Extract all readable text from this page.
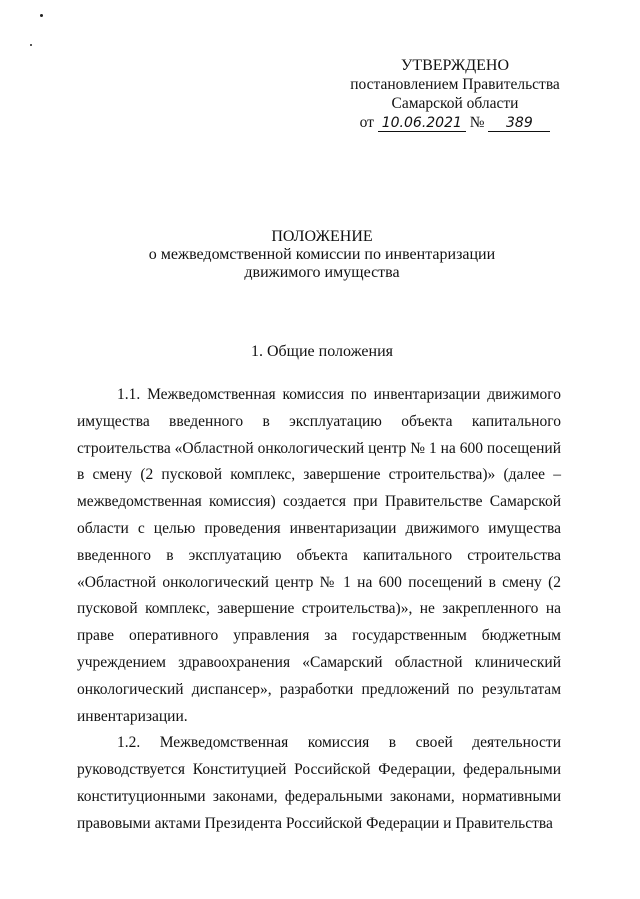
УТВЕРЖДЕНО
постановлением Правительства
Самарской области
от 10.06.2021 № 389
ПОЛОЖЕНИЕ
о межведомственной комиссии по инвентаризации
движимого имущества
1. Общие положения

1.1. Межведомственная комиссия по инвентаризации движимого имущества введенного в эксплуатацию объекта капитального строительства «Областной онкологический центр № 1 на 600 посещений в смену (2 пусковой комплекс, завершение строительства)» (далее – межведомственная комиссия) создается при Правительстве Самарской области с целью проведения инвентаризации движимого имущества введенного в эксплуатацию объекта капитального строительства «Областной онкологический центр № 1 на 600 посещений в смену (2 пусковой комплекс, завершение строительства)», не закрепленного на праве оперативного управления за государственным бюджетным учреждением здравоохранения «Самарский областной клинический онкологический диспансер», разработки предложений по результатам инвентаризации.

1.2. Межведомственная комиссия в своей деятельности руководствуется Конституцией Российской Федерации, федеральными конституционными законами, федеральными законами, нормативными правовыми актами Президента Российской Федерации и Правительства
